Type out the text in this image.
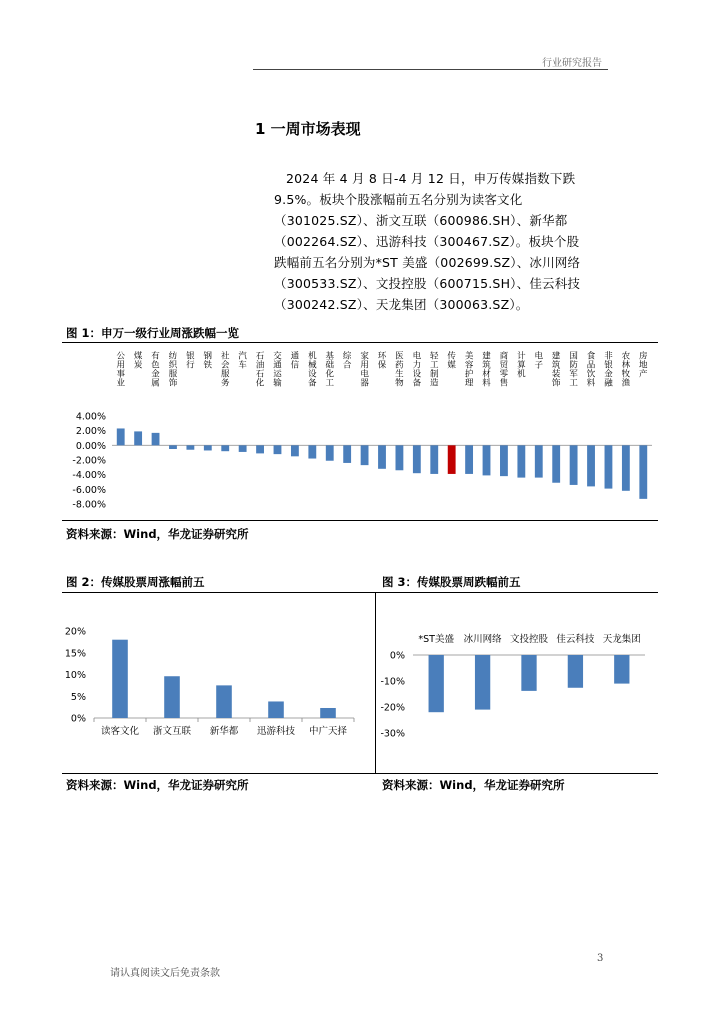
行业研究报告
1 一周市场表现
2024 年 4 月 8 日-4 月 12 日，申万传媒指数下跌
9.5%。板块个股涨幅前五名分别为读客文化
（301025.SZ）、浙文互联（600986.SH）、新华都
（002264.SZ）、迅游科技（300467.SZ）。板块个股
跌幅前五名分别为*ST 美盛（002699.SZ）、冰川网络
（300533.SZ）、文投控股（600715.SH）、佳云科技
（300242.SZ）、天龙集团（300063.SZ）。
图 1：申万一级行业周涨跌幅一览
4.00%
2.00%
0.00%
-2.00%
-4.00%
-6.00%
-8.00%
公用事业
煤炭
有色金属
纺织服饰
银行
钢铁
社会服务
汽车
石油石化
交通运输
通信
机械设备
基础化工
综合
家用电器
环保
医药生物
电力设备
轻工制造
传媒
美容护理
建筑材料
商贸零售
计算机
电子
建筑装饰
国防军工
食品饮料
非银金融
农林牧渔
房地产
资料来源：Wind，华龙证券研究所
图 2：传媒股票周涨幅前五	图 3：传媒股票周跌幅前五
20%
15%
10%
5%
0%
读客文化 浙文互联 新华都 迅游科技 中广天择
0%
-10%
-20%
-30%
*ST美盛 冰川网络 文投控股 佳云科技 天龙集团
资料来源：Wind，华龙证券研究所	资料来源：Wind，华龙证券研究所
3
请认真阅读文后免责条款
